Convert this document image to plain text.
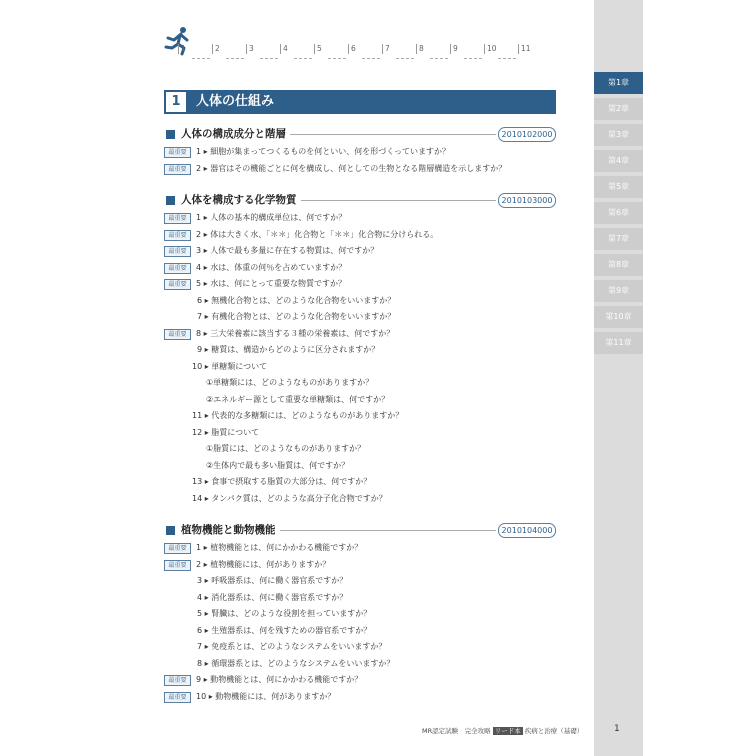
第1章
第2章
第3章
第4章
第5章
第6章
第7章
第8章
第9章
第10章
第11章
1	2	3	4	5	6	7	8	9	10	11
1	人体の仕組み
人体の構成成分と階層	2010102000
最重要	1 ▸ 細胞が集まってつくるものを何といい、何を形づくっていますか？
最重要	2 ▸ 器官はその機能ごとに何を構成し、何としての生物となる階層構造を示しますか？
人体を構成する化学物質	2010103000
最重要	1 ▸ 人体の基本的構成単位は、何ですか？
最重要	2 ▸ 体は大きく水、「＊＊」化合物と「＊＊」化合物に分けられる。
最重要	3 ▸ 人体で最も多量に存在する物質は、何ですか？
最重要	4 ▸ 水は、体重の何％を占めていますか？
最重要	5 ▸ 水は、何にとって重要な物質ですか？
6 ▸ 無機化合物とは、どのような化合物をいいますか？
7 ▸ 有機化合物とは、どのような化合物をいいますか？
最重要	8 ▸ 三大栄養素に該当する３種の栄養素は、何ですか？
9 ▸ 糖質は、構造からどのように区分されますか？
10 ▸ 単糖類について
①単糖類には、どのようなものがありますか？
②エネルギー源として重要な単糖類は、何ですか？
11 ▸ 代表的な多糖類には、どのようなものがありますか？
12 ▸ 脂質について
①脂質には、どのようなものがありますか？
②生体内で最も多い脂質は、何ですか？
13 ▸ 食事で摂取する脂質の大部分は、何ですか？
14 ▸ タンパク質は、どのような高分子化合物ですか？
植物機能と動物機能	2010104000
最重要	1 ▸ 植物機能とは、何にかかわる機能ですか？
最重要	2 ▸ 植物機能には、何がありますか？
3 ▸ 呼吸器系は、何に働く器官系ですか？
4 ▸ 消化器系は、何に働く器官系ですか？
5 ▸ 腎臓は、どのような役割を担っていますか？
6 ▸ 生殖器系は、何を残すための器官系ですか？
7 ▸ 免疫系とは、どのようなシステムをいいますか？
8 ▸ 循環器系とは、どのようなシステムをいいますか？
最重要	9 ▸ 動物機能とは、何にかかわる機能ですか？
最重要	10 ▸ 動物機能には、何がありますか？
MR認定試験　完全攻略 リード本 疾病と治療（基礎）	1
